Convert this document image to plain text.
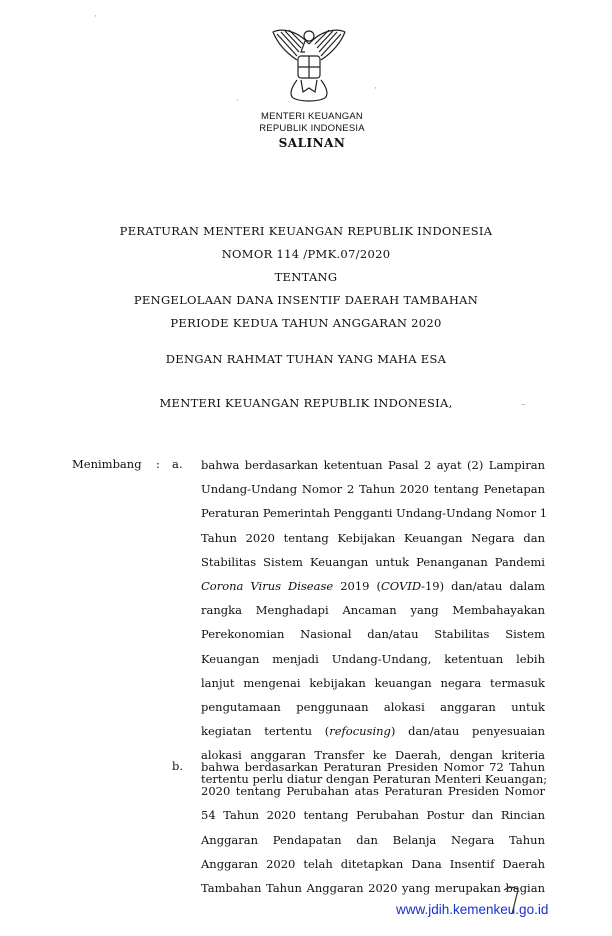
MENTERI KEUANGAN
REPUBLIK INDONESIA
SALINAN
PERATURAN MENTERI KEUANGAN REPUBLIK INDONESIA
NOMOR 114 /PMK.07/2020
TENTANG
PENGELOLAAN DANA INSENTIF DAERAH TAMBAHAN
PERIODE KEDUA TAHUN ANGGARAN 2020
DENGAN RAHMAT TUHAN YANG MAHA ESA
MENTERI KEUANGAN REPUBLIK INDONESIA,
Menimbang : a. bahwa berdasarkan ketentuan Pasal 2 ayat (2) Lampiran
Undang-Undang Nomor 2 Tahun 2020 tentang Penetapan
Peraturan Pemerintah Pengganti Undang-Undang Nomor 1
Tahun 2020 tentang Kebijakan Keuangan Negara dan
Stabilitas Sistem Keuangan untuk Penanganan Pandemi
Corona Virus Disease 2019 (COVID-19) dan/atau dalam
rangka Menghadapi Ancaman yang Membahayakan
Perekonomian Nasional dan/atau Stabilitas Sistem
Keuangan menjadi Undang-Undang, ketentuan lebih
lanjut mengenai kebijakan keuangan negara termasuk
pengutamaan penggunaan alokasi anggaran untuk
kegiatan tertentu (refocusing) dan/atau penyesuaian
alokasi anggaran Transfer ke Daerah, dengan kriteria
tertentu perlu diatur dengan Peraturan Menteri Keuangan;
b. bahwa berdasarkan Peraturan Presiden Nomor 72 Tahun
2020 tentang Perubahan atas Peraturan Presiden Nomor
54 Tahun 2020 tentang Perubahan Postur dan Rincian
Anggaran Pendapatan dan Belanja Negara Tahun
Anggaran 2020 telah ditetapkan Dana Insentif Daerah
Tambahan Tahun Anggaran 2020 yang merupakan bagian
·
·
·
–
www.jdih.kemenkeu.go.id
